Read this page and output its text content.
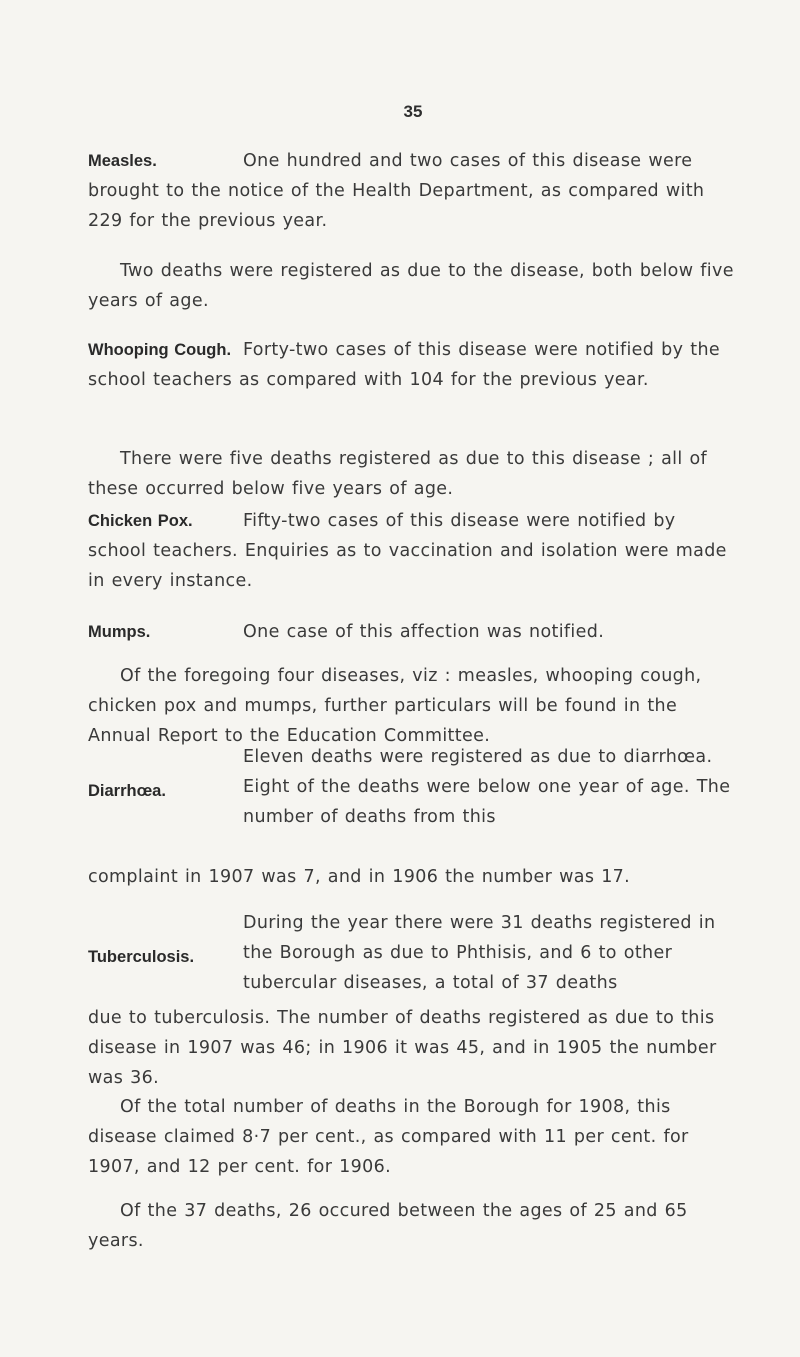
35
Measles.	One hundred and two cases of this disease were brought to the notice of the Health Department, as compared with 229 for the previous year.
Two deaths were registered as due to the disease, both below five years of age.
Whooping Cough. Forty-two cases of this disease were notified by the school teachers as compared with 104 for the previous year.
There were five deaths registered as due to this disease ; all of these occurred below five years of age.
Chicken Pox.	Fifty-two cases of this disease were notified by school teachers. Enquiries as to vaccination and isolation were made in every instance.
Mumps.	One case of this affection was notified.
Of the foregoing four diseases, viz : measles, whooping cough, chicken pox and mumps, further particulars will be found in the Annual Report to the Education Committee.
Diarrhœa.
Eleven deaths were registered as due to diarrhœa. Eight of the deaths were below one year of age. The number of deaths from this
complaint in 1907 was 7, and in 1906 the number was 17.
Tuberculosis.
During the year there were 31 deaths registered in the Borough as due to Phthisis, and 6 to other tubercular diseases, a total of 37 deaths
due to tuberculosis. The number of deaths registered as due to this disease in 1907 was 46; in 1906 it was 45, and in 1905 the number was 36.
Of the total number of deaths in the Borough for 1908, this disease claimed 8·7 per cent., as compared with 11 per cent. for 1907, and 12 per cent. for 1906.
Of the 37 deaths, 26 occured between the ages of 25 and 65 years.
